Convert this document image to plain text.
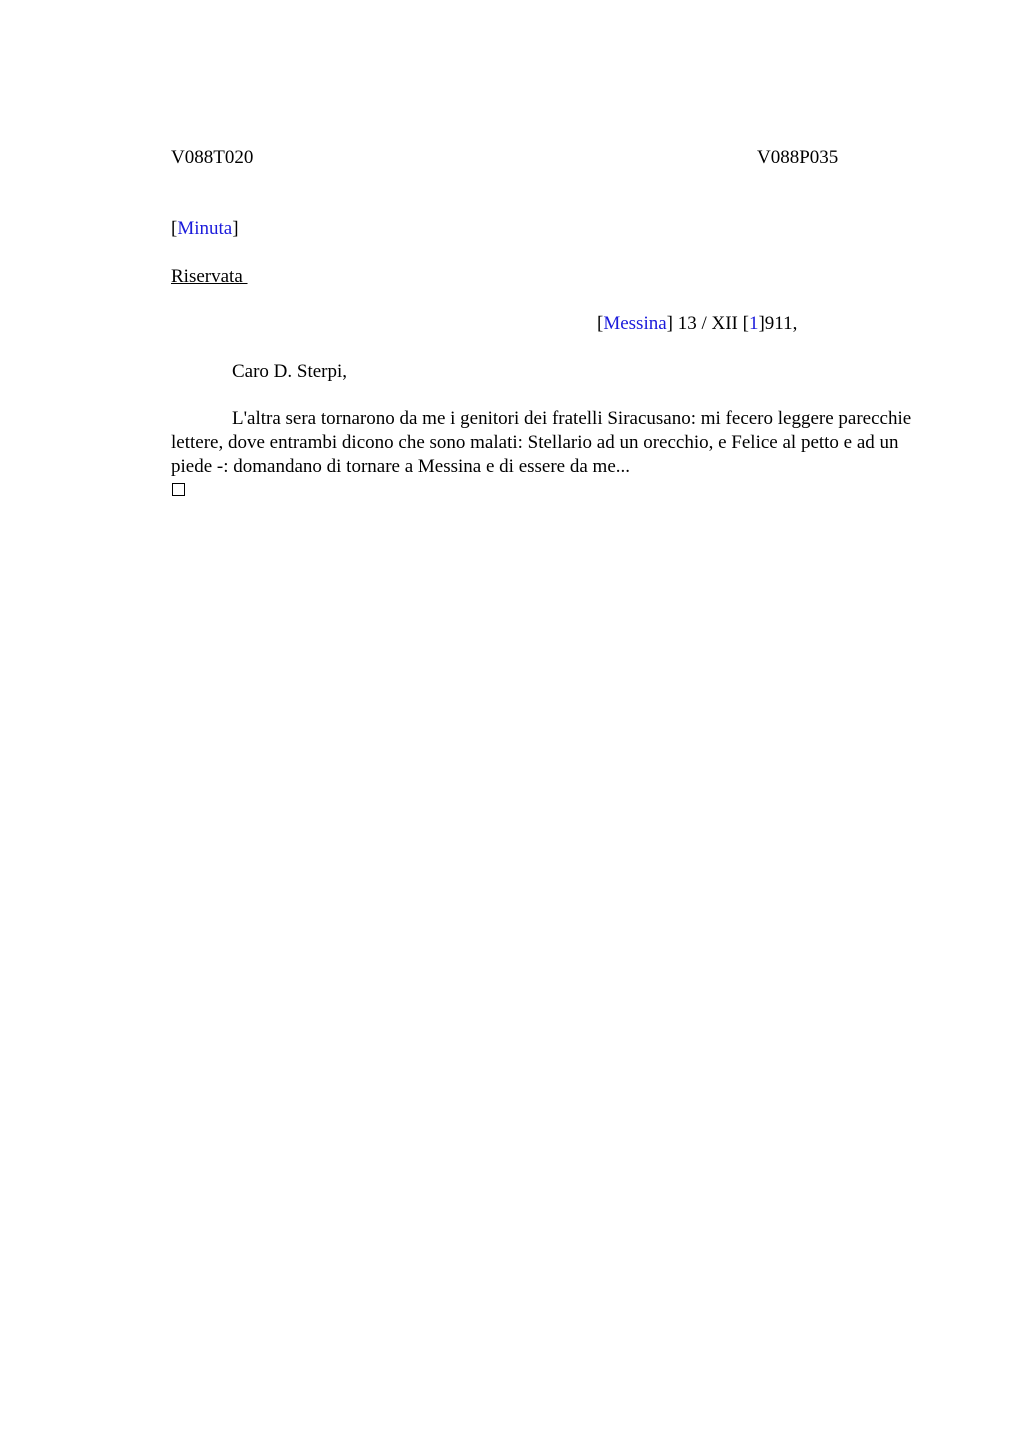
V088T020	V088P035
[Minuta]
Riservata
[Messina] 13 / XII [1]911,
Caro D. Sterpi,
L'altra sera tornarono da me i genitori dei fratelli Siracusano: mi fecero leggere parecchie lettere, dove entrambi dicono che sono malati: Stellario ad un orecchio, e Felice al petto e ad un piede -: domandano di tornare a Messina e di essere da me...
